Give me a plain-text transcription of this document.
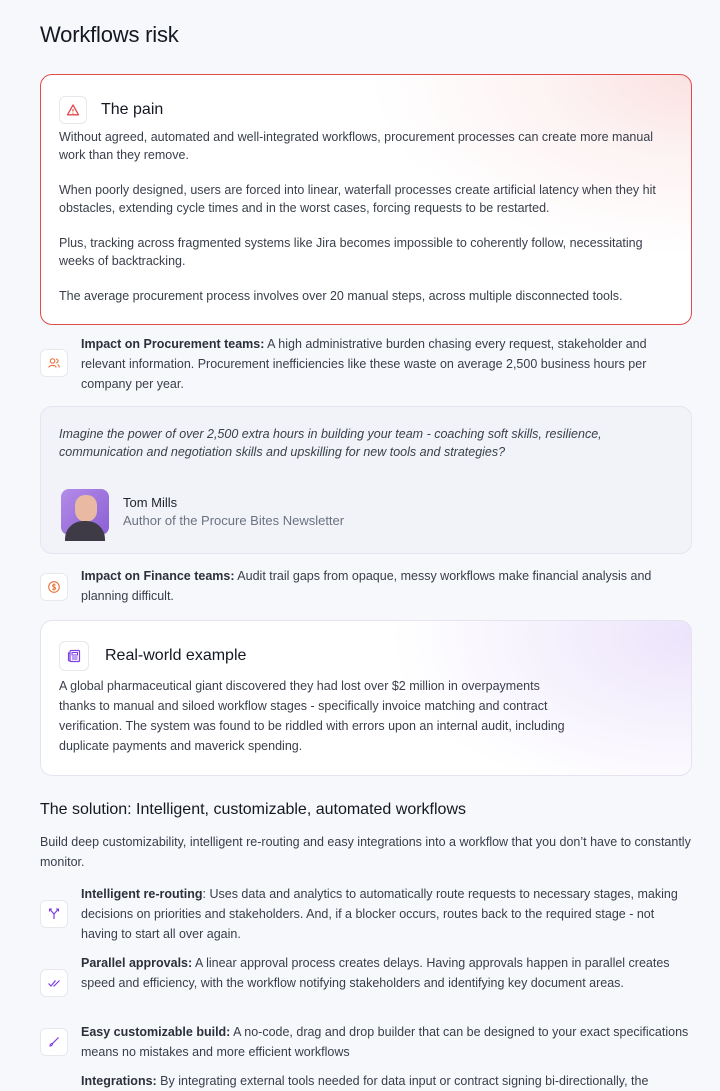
Workflows risk
The pain

Without agreed, automated and well-integrated workflows, procurement processes can create more manual work than they remove.

When poorly designed, users are forced into linear, waterfall processes create artificial latency when they hit obstacles, extending cycle times and in the worst cases, forcing requests to be restarted.

Plus, tracking across fragmented systems like Jira becomes impossible to coherently follow, necessitating weeks of backtracking.

The average procurement process involves over 20 manual steps, across multiple disconnected tools.

Impact on Procurement teams: A high administrative burden chasing every request, stakeholder and relevant information. Procurement inefficiencies like these waste on average 2,500 business hours per company per year.

Imagine the power of over 2,500 extra hours in building your team - coaching soft skills, resilience, communication and negotiation skills and upskilling for new tools and strategies?

Tom Mills
Author of the Procure Bites Newsletter

Impact on Finance teams: Audit trail gaps from opaque, messy workflows make financial analysis and planning difficult.

Real-world example

A global pharmaceutical giant discovered they had lost over $2 million in overpayments thanks to manual and siloed workflow stages - specifically invoice matching and contract verification. The system was found to be riddled with errors upon an internal audit, including duplicate payments and maverick spending.

The solution: Intelligent, customizable, automated workflows

Build deep customizability, intelligent re-routing and easy integrations into a workflow that you don’t have to constantly monitor.

Intelligent re-routing: Uses data and analytics to automatically route requests to necessary stages, making decisions on priorities and stakeholders. And, if a blocker occurs, routes back to the required stage - not having to start all over again.

Parallel approvals: A linear approval process creates delays. Having approvals happen in parallel creates speed and efficiency, with the workflow notifying stakeholders and identifying key document areas.

Easy customizable build: A no-code, drag and drop builder that can be designed to your exact specifications means no mistakes and more efficient workflows

Integrations: By integrating external tools needed for data input or contract signing bi-directionally, the
